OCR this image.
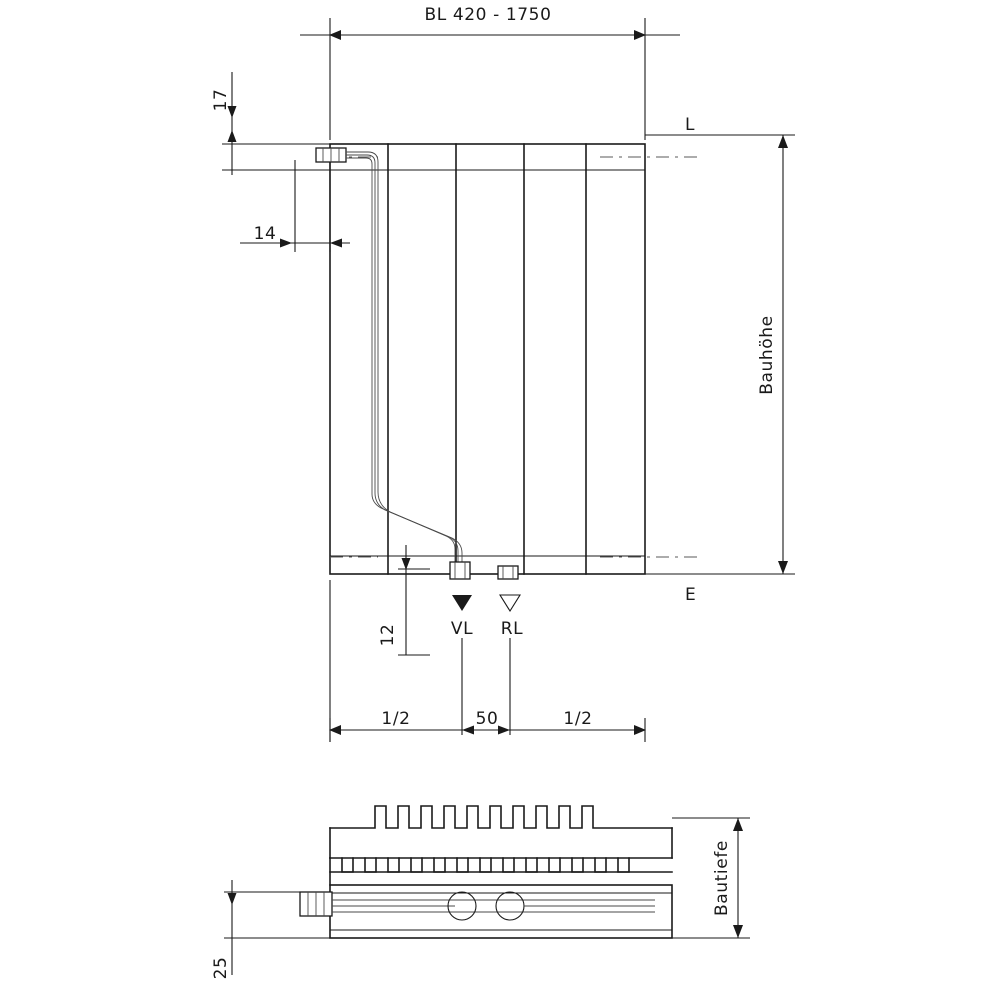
BL 420 - 1750
17
14
L
E
Bauhöhe
12	VL RL
1/2	50	1/2
Bautiefe
25
